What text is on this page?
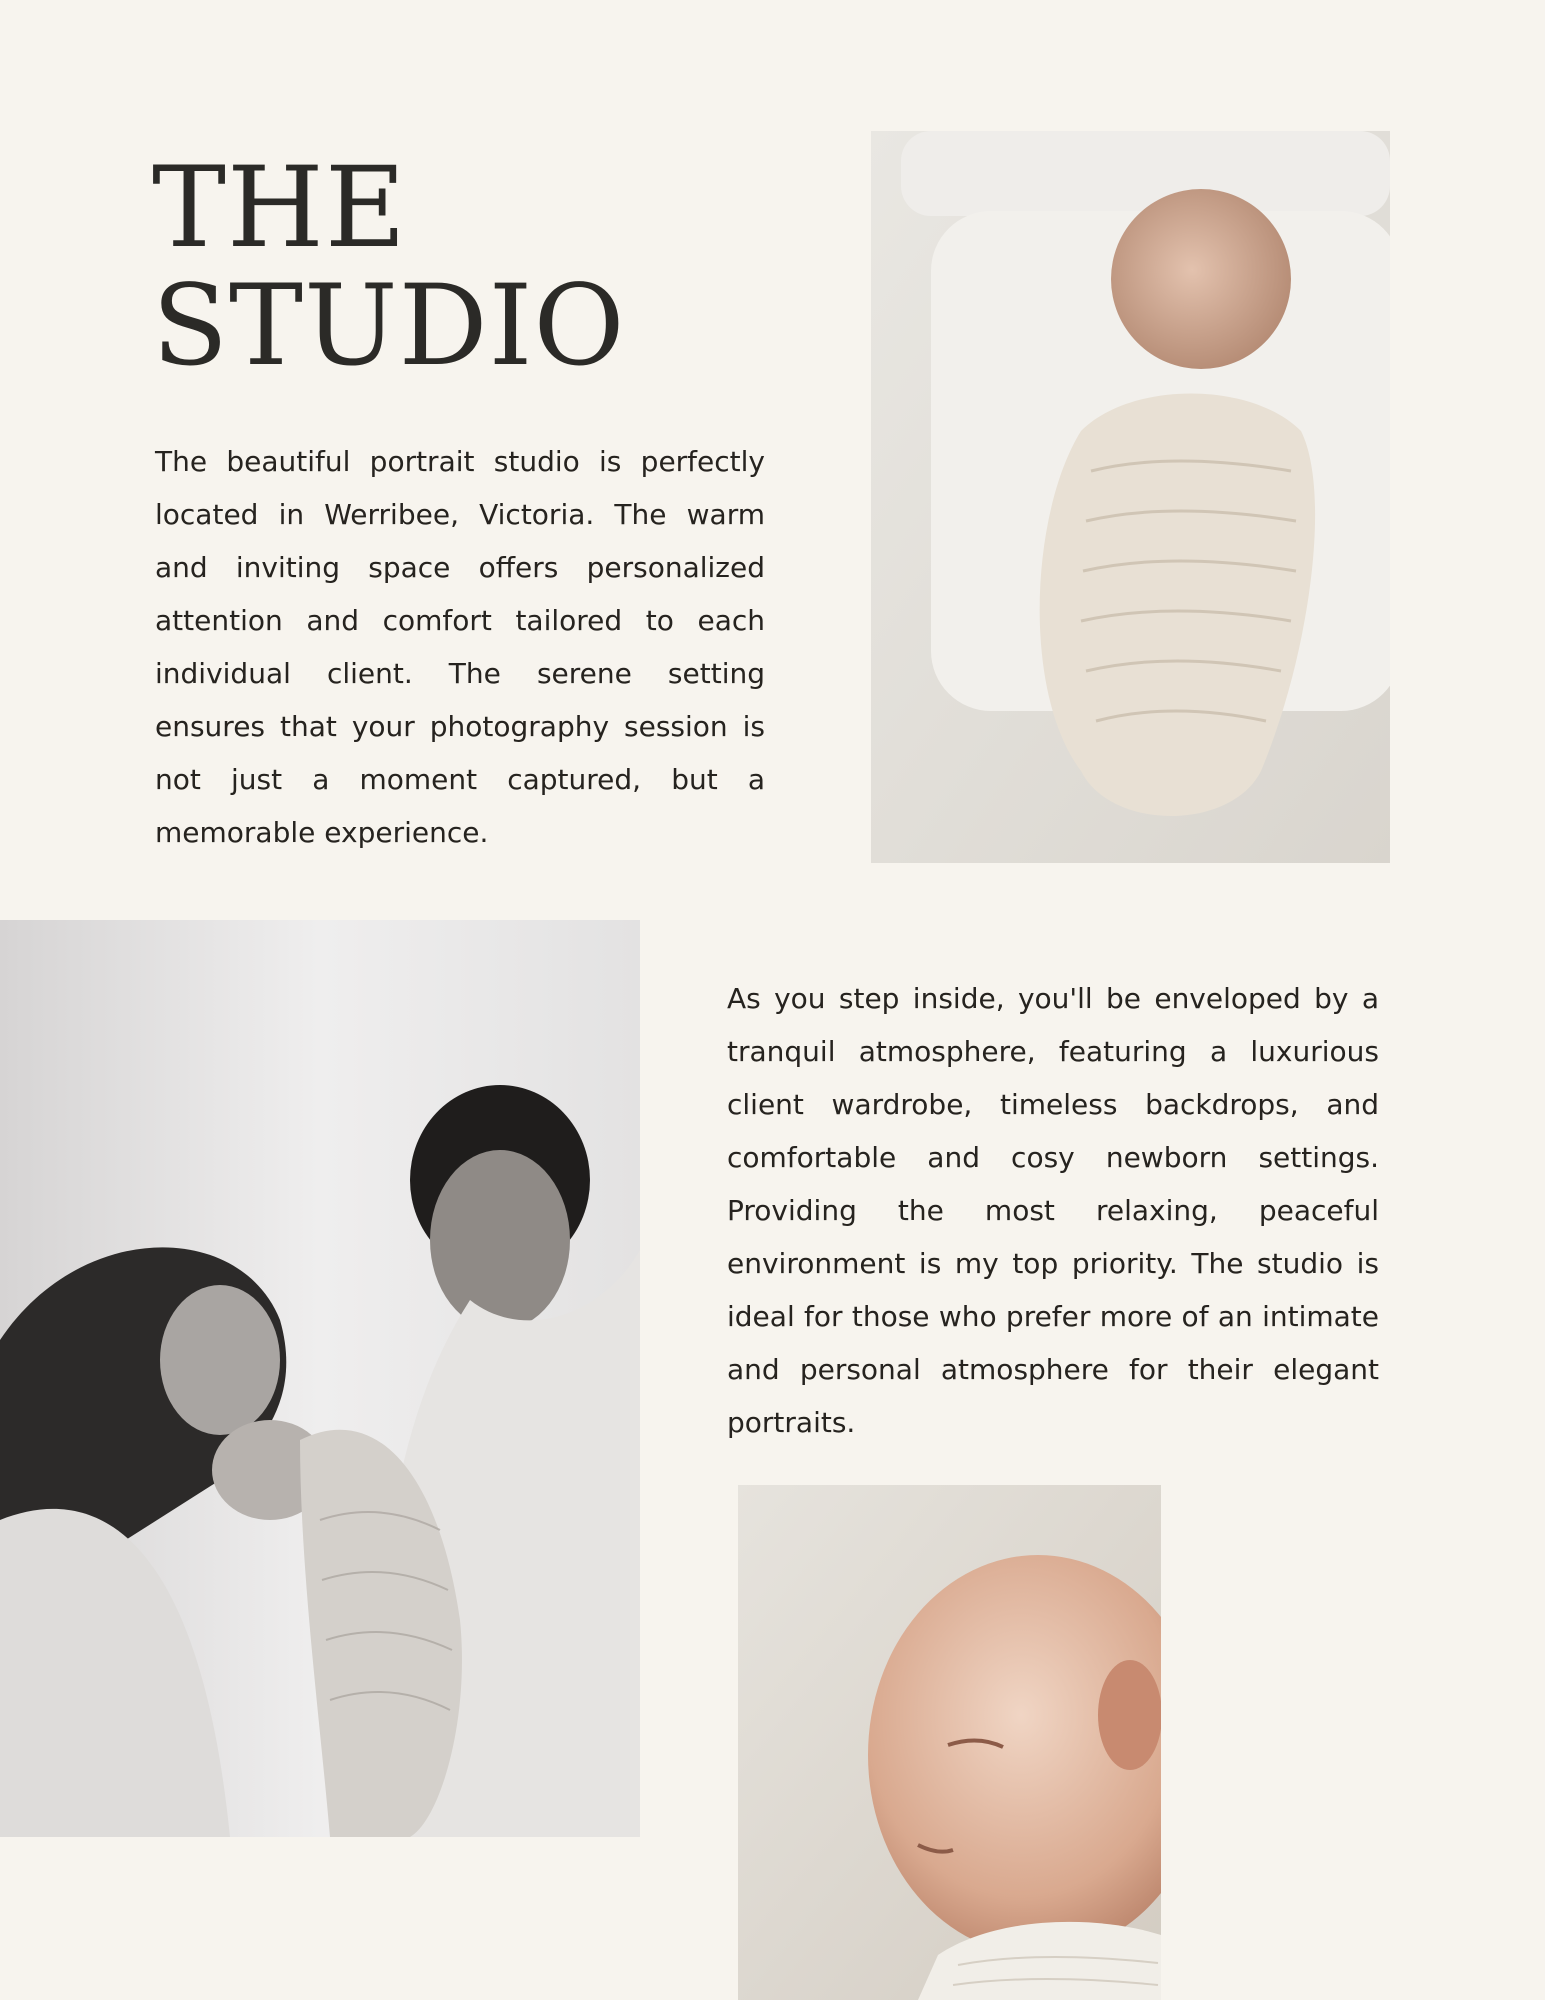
THE
STUDIO

The beautiful portrait studio is perfectly located in Werribee, Victoria. The warm and inviting space offers personalized attention and comfort tailored to each individual client. The serene setting ensures that your photography session is not just a moment captured, but a memorable experience.

As you step inside, you'll be enveloped by a tranquil atmosphere, featuring a luxurious client wardrobe, timeless backdrops, and comfortable and cosy newborn settings. Providing the most relaxing, peaceful environment is my top priority. The studio is ideal for those who prefer more of an intimate and personal atmosphere for their elegant portraits.
